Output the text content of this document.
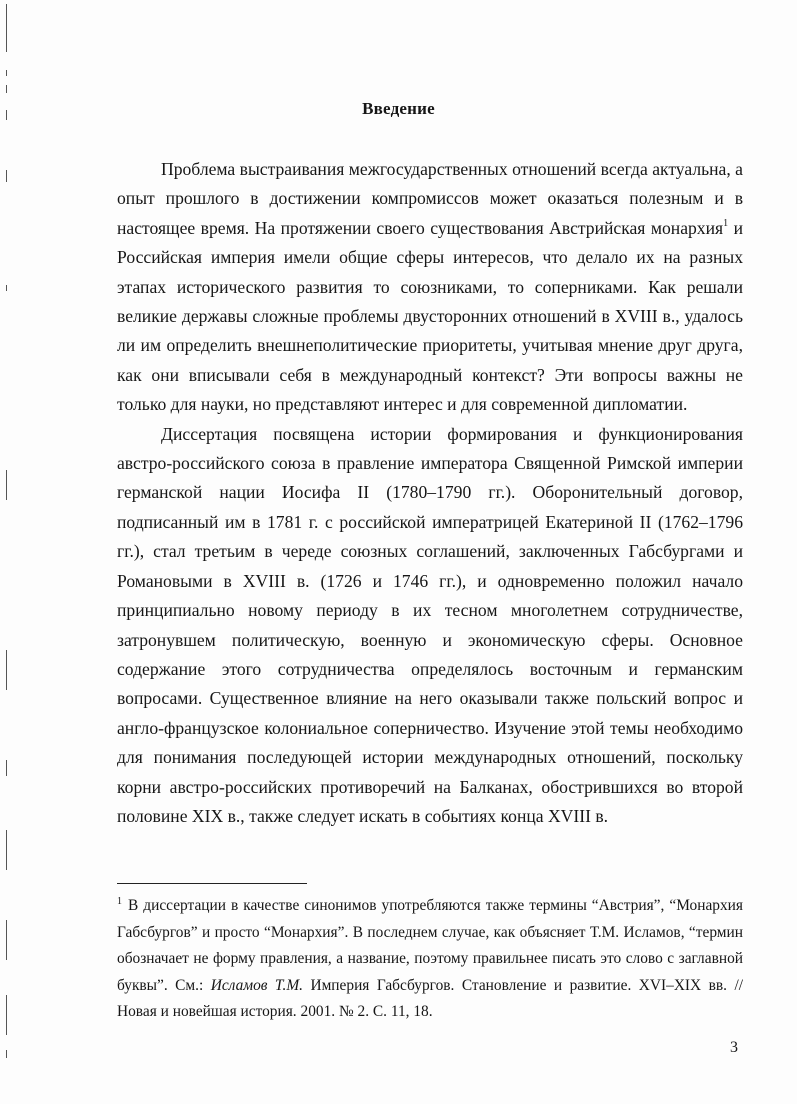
Введение

Проблема выстраивания межгосударственных отношений всегда актуальна, а опыт прошлого в достижении компромиссов может оказаться полезным и в настоящее время. На протяжении своего существования Австрийская монархия$^1$ и Российская империя имели общие сферы интересов, что делало их на разных этапах исторического развития то союзниками, то соперниками. Как решали великие державы сложные проблемы двусторонних отношений в XVIII в., удалось ли им определить внешнеполитические приоритеты, учитывая мнение друг друга, как они вписывали себя в международный контекст? Эти вопросы важны не только для науки, но представляют интерес и для современной дипломатии.

Диссертация посвящена истории формирования и функционирования австро-российского союза в правление императора Священной Римской империи германской нации Иосифа II (1780–1790 гг.). Оборонительный договор, подписанный им в 1781 г. с российской императрицей Екатериной II (1762–1796 гг.), стал третьим в череде союзных соглашений, заключенных Габсбургами и Романовыми в XVIII в. (1726 и 1746 гг.), и одновременно положил начало принципиально новому периоду в их тесном многолетнем сотрудничестве, затронувшем политическую, военную и экономическую сферы. Основное содержание этого сотрудничества определялось восточным и германским вопросами. Существенное влияние на него оказывали также польский вопрос и англо-французское колониальное соперничество. Изучение этой темы необходимо для понимания последующей истории международных отношений, поскольку корни австро-российских противоречий на Балканах, обострившихся во второй половине XIX в., также следует искать в событиях конца XVIII в.

$^1$ В диссертации в качестве синонимов употребляются также термины “Австрия”, “Монархия Габсбургов” и просто “Монархия”. В последнем случае, как объясняет Т.М. Исламов, “термин обозначает не форму правления, а название, поэтому правильнее писать это слово с заглавной буквы”. См.: Исламов Т.М. Империя Габсбургов. Становление и развитие. XVI–XIX вв. // Новая и новейшая история. 2001. № 2. С. 11, 18.
3
